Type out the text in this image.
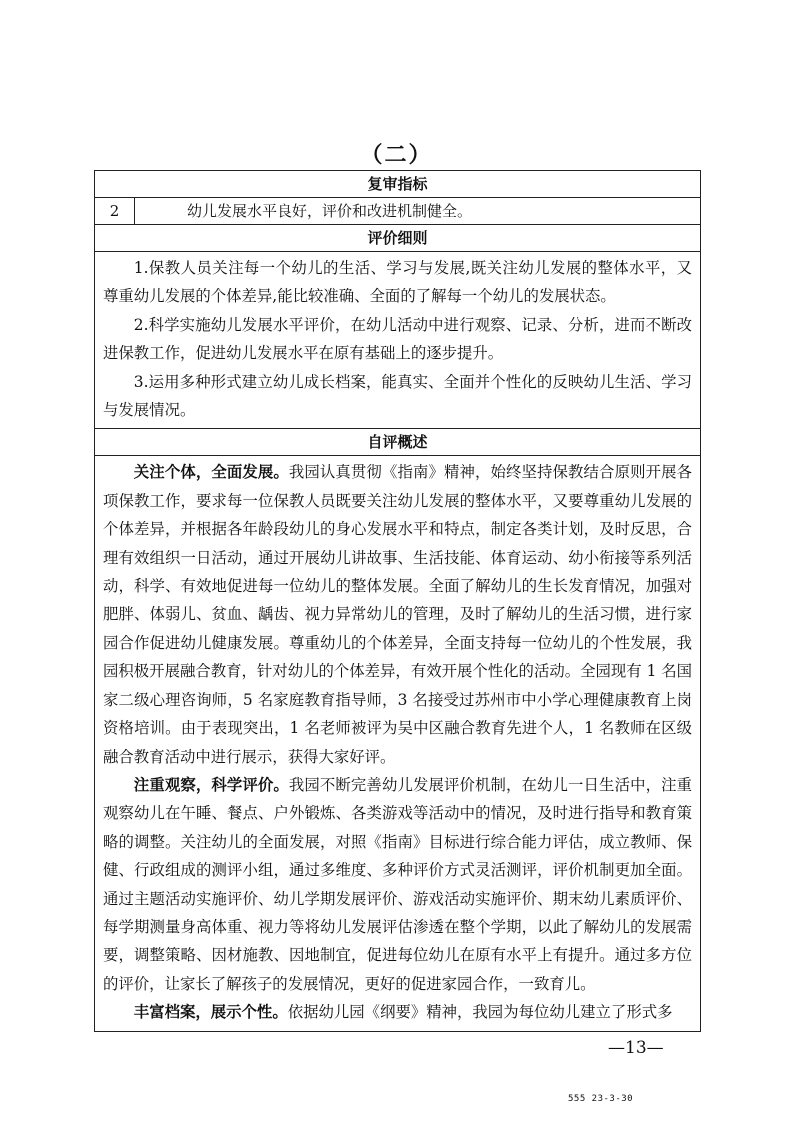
（二）
复审指标
2	幼儿发展水平良好，评价和改进机制健全。
评价细则

1.保教人员关注每一个幼儿的生活、学习与发展,既关注幼儿发展的整体水平，又尊重幼儿发展的个体差异,能比较准确、全面的了解每一个幼儿的发展状态。

2.科学实施幼儿发展水平评价，在幼儿活动中进行观察、记录、分析，进而不断改进保教工作，促进幼儿发展水平在原有基础上的逐步提升。

3.运用多种形式建立幼儿成长档案，能真实、全面并个性化的反映幼儿生活、学习与发展情况。

自评概述

关注个体，全面发展。我园认真贯彻《指南》精神，始终坚持保教结合原则开展各项保教工作，要求每一位保教人员既要关注幼儿发展的整体水平，又要尊重幼儿发展的个体差异，并根据各年龄段幼儿的身心发展水平和特点，制定各类计划，及时反思，合理有效组织一日活动，通过开展幼儿讲故事、生活技能、体育运动、幼小衔接等系列活动，科学、有效地促进每一位幼儿的整体发展。全面了解幼儿的生长发育情况，加强对肥胖、体弱儿、贫血、龋齿、视力异常幼儿的管理，及时了解幼儿的生活习惯，进行家园合作促进幼儿健康发展。尊重幼儿的个体差异，全面支持每一位幼儿的个性发展，我园积极开展融合教育，针对幼儿的个体差异，有效开展个性化的活动。全园现有 1 名国家二级心理咨询师，5 名家庭教育指导师，3 名接受过苏州市中小学心理健康教育上岗资格培训。由于表现突出，1 名老师被评为吴中区融合教育先进个人，1 名教师在区级融合教育活动中进行展示，获得大家好评。

注重观察，科学评价。我园不断完善幼儿发展评价机制，在幼儿一日生活中，注重观察幼儿在午睡、餐点、户外锻炼、各类游戏等活动中的情况，及时进行指导和教育策略的调整。关注幼儿的全面发展，对照《指南》目标进行综合能力评估，成立教师、保健、行政组成的测评小组，通过多维度、多种评价方式灵活测评，评价机制更加全面。通过主题活动实施评价、幼儿学期发展评价、游戏活动实施评价、期末幼儿素质评价、每学期测量身高体重、视力等将幼儿发展评估渗透在整个学期，以此了解幼儿的发展需要，调整策略、因材施教、因地制宜，促进每位幼儿在原有水平上有提升。通过多方位的评价，让家长了解孩子的发展情况，更好的促进家园合作，一致育儿。

丰富档案，展示个性。依据幼儿园《纲要》精神，我园为每位幼儿建立了形式多

—13—
555 23-3-30
